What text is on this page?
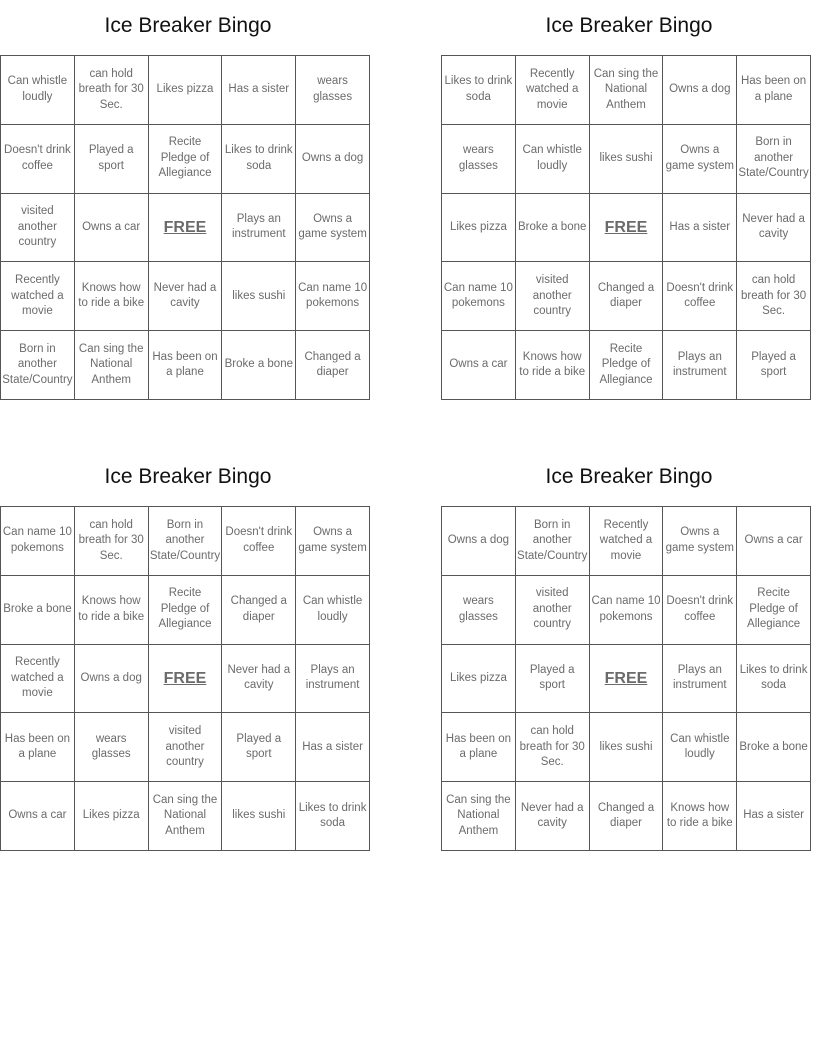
Ice Breaker Bingo
Can whistle loudly	can hold breath for 30 Sec.	Likes pizza	Has a sister	wears glasses
Doesn't drink coffee	Played a sport	Recite Pledge of Allegiance	Likes to drink soda	Owns a dog
visited another country	Owns a car	FREE	Plays an instrument	Owns a game system
Recently watched a movie	Knows how to ride a bike	Never had a cavity	likes sushi	Can name 10 pokemons
Born in another State/Country	Can sing the National Anthem	Has been on a plane	Broke a bone	Changed a diaper
Ice Breaker Bingo
Likes to drink soda	Recently watched a movie	Can sing the National Anthem	Owns a dog	Has been on a plane
wears glasses	Can whistle loudly	likes sushi	Owns a game system	Born in another State/Country
Likes pizza	Broke a bone	FREE	Has a sister	Never had a cavity
Can name 10 pokemons	visited another country	Changed a diaper	Doesn't drink coffee	can hold breath for 30 Sec.
Owns a car	Knows how to ride a bike	Recite Pledge of Allegiance	Plays an instrument	Played a sport
Ice Breaker Bingo
Can name 10 pokemons	can hold breath for 30 Sec.	Born in another State/Country	Doesn't drink coffee	Owns a game system
Broke a bone	Knows how to ride a bike	Recite Pledge of Allegiance	Changed a diaper	Can whistle loudly
Recently watched a movie	Owns a dog	FREE	Never had a cavity	Plays an instrument
Has been on a plane	wears glasses	visited another country	Played a sport	Has a sister
Owns a car	Likes pizza	Can sing the National Anthem	likes sushi	Likes to drink soda
Ice Breaker Bingo
Owns a dog	Born in another State/Country	Recently watched a movie	Owns a game system	Owns a car
wears glasses	visited another country	Can name 10 pokemons	Doesn't drink coffee	Recite Pledge of Allegiance
Likes pizza	Played a sport	FREE	Plays an instrument	Likes to drink soda
Has been on a plane	can hold breath for 30 Sec.	likes sushi	Can whistle loudly	Broke a bone
Can sing the National Anthem	Never had a cavity	Changed a diaper	Knows how to ride a bike	Has a sister
